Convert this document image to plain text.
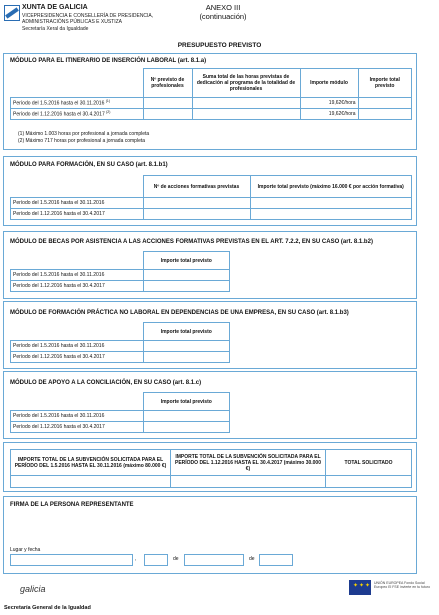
XUNTA DE GALICIA
VICEPRESIDENCIA E CONSELLERÍA DE PRESIDENCIA, ADMINISTRACIÓNS PÚBLICAS E XUSTIZA
Secretaría Xeral da Igualdade
ANEXO III
(continuación)
PRESUPUESTO PREVISTO
MÓDULO PARA EL ITINERARIO DE INSERCIÓN LABORAL (art. 8.1.a)
	Nº previsto de profesionales	Suma total de las horas previstas de dedicación al programa de la totalidad de profesionales	Importe módulo	Importe total previsto
Período del 1.5.2016 hasta el 30.11.2016 $^{(1)}$			19,62€/hora	
Período del 1.12.2016 hasta el 30.4.2017 $^{(2)}$			19,62€/hora	
(1) Máximo 1.003 horas por profesional a jornada completa
(2) Máximo 717 horas por profesional a jornada completa
MÓDULO PARA FORMACIÓN, EN SU CASO (art. 8.1.b1)
	Nº de acciones formativas previstas	Importe total previsto (máximo 16.000 € por acción formativa)
Período del 1.5.2016 hasta el 30.11.2016		
Período del 1.12.2016 hasta el 30.4.2017		
MÓDULO DE BECAS POR ASISTENCIA A LAS ACCIONES FORMATIVAS PREVISTAS EN EL ART. 7.2.2, EN SU CASO (art. 8.1.b2)
	Importe total previsto
Período del 1.5.2016 hasta el 30.11.2016	
Período del 1.12.2016 hasta el 30.4.2017	
MÓDULO DE FORMACIÓN PRÁCTICA NO LABORAL EN DEPENDENCIAS DE UNA EMPRESA, EN SU CASO (art. 8.1.b3)
	Importe total previsto
Período del 1.5.2016 hasta el 30.11.2016	
Período del 1.12.2016 hasta el 30.4.2017	
MÓDULO DE APOYO A LA CONCILIACIÓN, EN SU CASO (art. 8.1.c)
	Importe total previsto
Período del 1.5.2016 hasta el 30.11.2016	
Período del 1.12.2016 hasta el 30.4.2017	
IMPORTE TOTAL DE LA SUBVENCIÓN SOLICITADA PARA EL PERÍODO DEL 1.5.2016 HASTA EL 30.11.2016 (máximo 80.000 €)	IMPORTE TOTAL DE LA SUBVENCIÓN SOLICITADA PARA EL PERÍODO DEL 1.12.2016 HASTA EL 30.4.2017 (máximo 30.000 €)	TOTAL SOLICITADO

FIRMA DE LA PERSONA REPRESENTANTE
Lugar y fecha
,	de	de
galicia	✦✦✦ UNIÓN EUROPEA Fondo Social Europeo El FSE invierte en tu futuro
Secretaría General de la Igualdad
